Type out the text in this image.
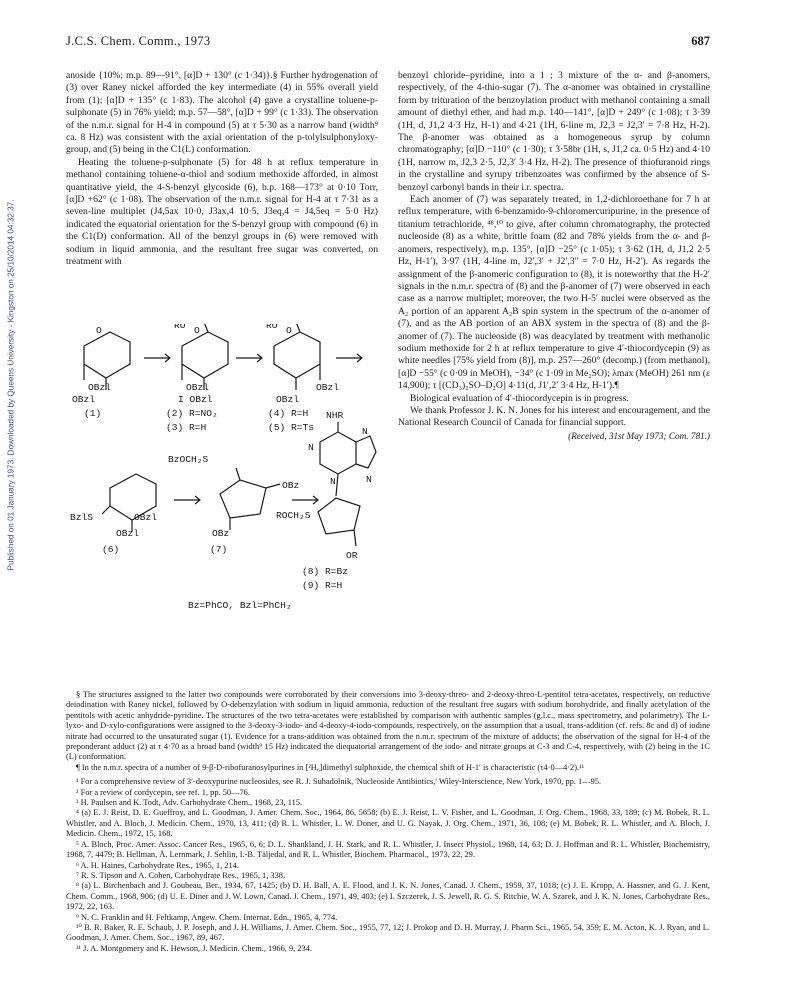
J.C.S. Chem. Comm., 1973	687
Published on 01 January 1973. Downloaded by Queens University - Kingston on 25/10/2014 04:32:37.

anoside {10%; m.p. 89—91°, [α]D + 130° (c 1·34)}.§ Further hydrogenation of (3) over Raney nickel afforded the key intermediate (4) in 55% overall yield from (1); [α]D + 135° (c 1·83). The alcohol (4) gave a crystalline toluene-p-sulphonate (5) in 76% yield; m.p. 57—58°, [α]D + 99° (c 1·33). The observation of the n.m.r. signal for H-4 in compound (5) at τ 5·30 as a narrow band (width⁹ ca. 8 Hz) was consistent with the axial orientation of the p-tolylsulphonyloxy-group, and (5) being in the C1(L) conformation.

Heating the toluene-p-sulphonate (5) for 48 h at reflux temperature in methanol containing toluene-α-thiol and sodium methoxide afforded, in almost quantitative yield, the 4-S-benzyl glycoside (6), b.p. 168—173° at 0·10 Torr, [α]D +62° (c 1·08). The observation of the n.m.r. signal for H-4 at τ 7·31 as a seven-line multiplet (J4,5ax 10·0, J3ax,4 10·5, J3eq,4 = J4,5eq = 5·0 Hz) indicated the equatorial orientation for the S-benzyl group with compound (6) in the C1(D) conformation. All of the benzyl groups in (6) were removed with sodium in liquid ammonia, and the resultant free sugar was converted, on treatment with

RO	RO
O	O	O
OBzl
OBzl
OBzl
I OBzl
OBzl
OBzl
(1)	(2) R=NO₂
(3) R=H
(4) R=H
(5) R=Ts
BzOCH₂S
OBz
BzlS	OBzl
OBzl	OBz
(6)	(7)
NHR
N
N
N	N
ROCH₂S
OR
(8) R=Bz
(9) R=H
Bz=PhCO, Bzl=PhCH₂

benzoyl chloride–pyridine, into a 1 ; 3 mixture of the α- and β-anomers, respectively, of the 4-thio-sugar (7). The α-anomer was obtained in crystalline form by trituration of the benzoylation product with methanol containing a small amount of diethyl ether, and had m.p. 140—141°, [α]D + 249° (c 1·08); τ 3·39 (1H, d, J1,2 4·3 Hz, H-1) and 4·21 (1H, 6-line m, J2,3 = J2,3′ = 7·8 Hz, H-2). The β-anomer was obtained as a homogeneous syrup by column chromatography; [α]D −110° (c 1·30); τ 3·58br (1H, s, J1,2 ca. 0·5 Hz) and 4·10 (1H, narrow m, J2,3 2·5, J2,3′ 3·4 Hz, H-2). The presence of thiofuranoid rings in the crystalline and syrupy tribenzoates was confirmed by the absence of S-benzoyl carbonyl bands in their i.r. spectra.

Each anomer of (7) was separately treated, in 1,2-dichloroethane for 7 h at reflux temperature, with 6-benzamido-9-chloromercuripurine, in the presence of titanium tetrachloride, ⁴⁸,¹⁰ to give, after column chromatography, the protected nucleoside (8) as a white, brittle foam (82 and 78% yields from the α- and β-anomers, respectively), m.p. 135°, [α]D −25° (c 1·05); τ 3·62 (1H, d, J1,2 2·5 Hz, H-1′), 3·97 (1H, 4-line m, J2′,3′ + J2′,3″ = 7·0 Hz, H-2′). As regards the assignment of the β-anomeric configuration to (8), it is noteworthy that the H-2′ signals in the n.m.r. spectra of (8) and the β-anomer of (7) were observed in each case as a narrow multiplet; moreover, the two H-5′ nuclei were observed as the A₂ portion of an apparent A₂B spin system in the spectrum of the α-anomer of (7), and as the AB portion of an ABX system in the spectra of (8) and the β-anomer of (7). The nucleoside (8) was deacylated by treatment with methanolic sodium methoxide for 2 h at reflux temperature to give 4′-thiocordycepin (9) as white needles [75% yield from (8)], m.p. 257—260° (decomp.) (from methanol), [α]D −55° (c 0·09 in MeOH), −34° (c 1·09 in Me₂SO); λmax (MeOH) 261 nm (ε 14,900); τ [(CD₃)₂SO–D₂O] 4·11(d, J1′,2′ 3·4 Hz, H-1′).¶

Biological evaluation of 4′-thiocordycepin is in progress.

We thank Professor J. K. N. Jones for his interest and encouragement, and the National Research Council of Canada for financial support.

(Received, 31st May 1973; Com. 781.)

§ The structures assigned to the latter two compounds were corroborated by their conversions into 3-deoxy-threo- and 2-deoxy-threo-L-pentitol tetra-acetates, respectively, on reductive deiodination with Raney nickel, followed by O-debenzylation with sodium in liquid ammonia, reduction of the resultant free sugars with sodium borohydride, and finally acetylation of the pentitols with acetic anhydride-pyridine. The structures of the two tetra-acetates were established by comparison with authentic samples (g.l.c., mass spectrometry, and polarimetry). The L-lyxo- and D-xylo-configurations were assigned to the 3-deoxy-3-iodo- and 4-deoxy-4-iodo-compounds, respectively, on the assumption that a usual, trans-addition (cf. refs. 8c and d) of iodine nitrate had occurred to the unsaturated sugar (1). Evidence for a trans-addition was obtained from the n.m.r. spectrum of the mixture of adducts; the observation of the signal for H-4 of the preponderant adduct (2) at τ 4·70 as a broad band (width⁹ 15 Hz) indicated the diequatorial arrangement of the iodo- and nitrate groups at C-3 and C-4, respectively, with (2) being in the 1C (L) conformation.

¶ In the n.m.r. spectra of a number of 9-β-D-ribofuranosylpurines in [²H₆]dimethyl sulphoxide, the chemical shift of H-1′ is characteristic (τ4·0—4·2).¹¹

¹ For a comprehensive review of 3′-deoxypurine nucleosides, see R. J. Suhadolnik, 'Nucleoside Antibiotics,' Wiley-Interscience, New York, 1970, pp. 1—95.

² For a review of cordycepin, see ref. 1, pp. 50—76.

³ H. Paulsen and K. Todt, Adv. Carbohydrate Chem., 1968, 23, 115.

⁴ (a) E. J. Reist, D. E. Gueffroy, and L. Goodman, J. Amer. Chem. Soc., 1964, 86, 5658; (b) E. J. Reist, L. V. Fisher, and L. Goodman, J. Org. Chem., 1968, 33, 189; (c) M. Bobek, R. L. Whistler, and A. Bloch, J. Medicin. Chem., 1970, 13, 411; (d) R. L. Whistler, L. W. Doner, and U. G. Nayak, J. Org. Chem., 1971, 36, 108; (e) M. Bobek, R. L. Whistler, and A. Bloch, J. Medicin. Chem., 1972, 15, 168.

⁵ A. Bloch, Proc. Amer. Assoc. Cancer Res., 1965, 6, 6; D. L. Shankland, J. H. Stark, and R. L. Whistler, J. Insect Physiol., 1968, 14, 63; D. J. Hoffman and R. L. Whistler, Biochemistry, 1968, 7, 4479; B. Hellman, Å. Lernmark, J. Sehlin, I.-B. Täljedal, and R. L. Whistler, Biochem. Pharmacol., 1973, 22, 29.

⁶ A. H. Haines, Carbohydrate Res., 1965, 1, 214.

⁷ R. S. Tipson and A. Cohen, Carbohydrate Res., 1965, 1, 338.

⁸ (a) L. Birchenbach and J. Goubeau, Ber., 1934, 67, 1425; (b) D. H. Ball, A. E. Flood, and J. K. N. Jones, Canad. J. Chem., 1959, 37, 1018; (c) J. E. Kropp, A. Hassner, and G. J. Kent, Chem. Comm., 1968, 906; (d) U. E. Diner and J. W. Lown, Canad. J. Chem., 1971, 49, 403; (e) I. Szczerek, J. S. Jewell, R. G. S. Ritchie, W. A. Szarek, and J. K. N. Jones, Carbohydrate Res., 1972, 22, 163.

⁹ N. C. Franklin and H. Feltkamp, Angew. Chem. Internat. Edn., 1965, 4, 774.

¹⁰ B. R. Baker, R. E. Schaub, J. P. Joseph, and J. H. Williams, J. Amer. Chem. Soc., 1955, 77, 12; J. Prokop and D. H. Murray, J. Pharm Sci., 1965, 54, 359; E. M. Acton, K. J. Ryan, and L. Goodman, J. Amer. Chem. Soc., 1967, 89, 467.

¹¹ J. A. Montgomery and K. Hewson, J. Medicin. Chem., 1966, 9, 234.
